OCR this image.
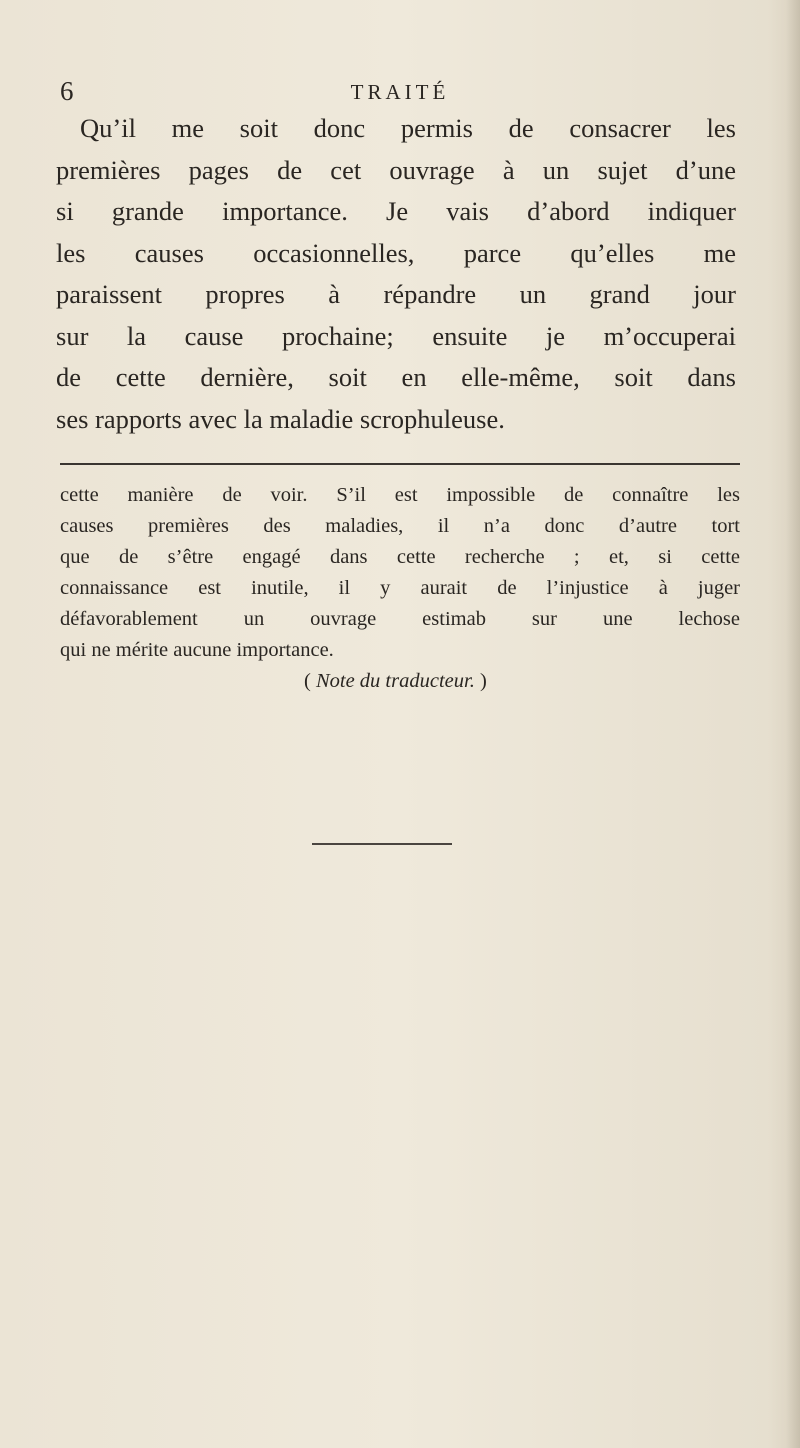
6	TRAITÉ
Qu’il me soit donc permis de consacrer les
premières pages de cet ouvrage à un sujet d’une
si grande importance. Je vais d’abord indiquer
les causes occasionnelles, parce qu’elles me
paraissent propres à répandre un grand jour
sur la cause prochaine; ensuite je m’occuperai
de cette dernière, soit en elle-même, soit dans
ses rapports avec la maladie scrophuleuse.
cette manière de voir. S’il est impossible de connaître les
causes premières des maladies, il n’a donc d’autre tort
que de s’être engagé dans cette recherche ; et, si cette
connaissance est inutile, il y aurait de l’injustice à juger
défavorablement un ouvrage estimab sur une lechose
qui ne mérite aucune importance.
( Note du traducteur. )
